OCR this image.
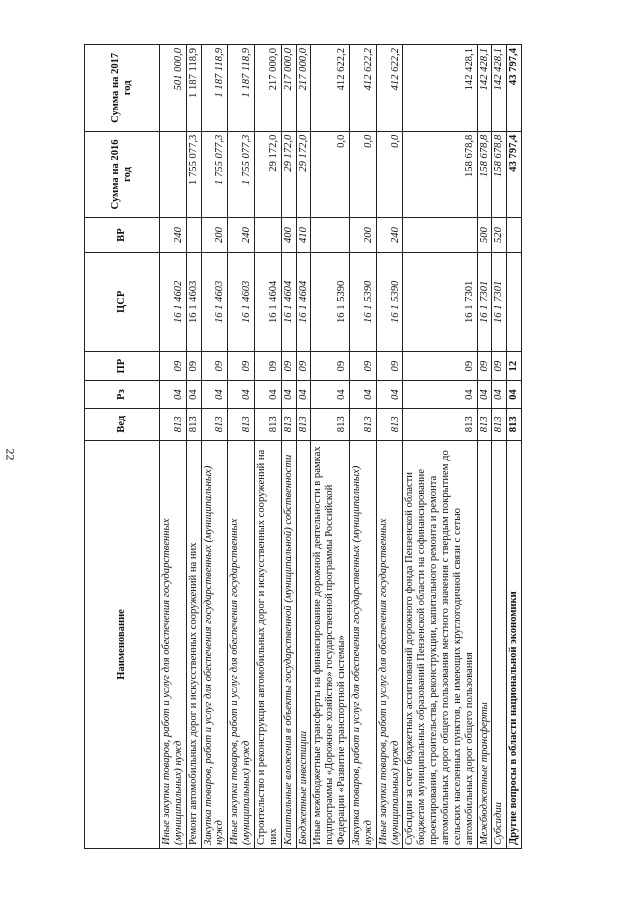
22
Наименование	Вед	Рз	ПР	ЦСР	ВР	Сумма на 2016 год	Сумма на 2017 год
Иные закупки товаров, работ и услуг для обеспечения государственных (муниципальных) нужд	813	04	09	16 1 4602	240		501 000,0
Ремонт автомобильных дорог и искусственных сооружений на них	813	04	09	16 1 4603		1 755 077,3	1 187 118,9
Закупка товаров, работ и услуг для обеспечения государственных (муниципальных) нужд	813	04	09	16 1 4603	200	1 755 077,3	1 187 118,9
Иные закупки товаров, работ и услуг для обеспечения государственных (муниципальных) нужд	813	04	09	16 1 4603	240	1 755 077,3	1 187 118,9
Строительство и реконструкция автомобильных дорог и искусственных сооружений на них	813	04	09	16 1 4604		29 172,0	217 000,0
Капитальные вложения в объекты государственной (муниципальной) собственности	813	04	09	16 1 4604	400	29 172,0	217 000,0
Бюджетные инвестиции	813	04	09	16 1 4604	410	29 172,0	217 000,0
Иные межбюджетные трансферты на финансирование дорожной деятельности в рамках подпрограммы «Дорожное хозяйство» государственной программы Российской Федерации «Развитие транспортной системы»	813	04	09	16 1 5390		0,0	412 622,2
Закупка товаров, работ и услуг для обеспечения государственных (муниципальных) нужд	813	04	09	16 1 5390	200	0,0	412 622,2
Иные закупки товаров, работ и услуг для обеспечения государственных (муниципальных) нужд	813	04	09	16 1 5390	240	0,0	412 622,2
Субсидии за счет бюджетных ассигнований дорожного фонда Пензенской области бюджетам муниципальных образований Пензенской области на софинансирование проектирования, строительства, реконструкции, капитального ремонта и ремонта автомобильных дорог общего пользования местного значения с твердым покрытием до сельских населенных пунктов, не имеющих круглогодичной связи с сетью автомобильных дорог общего пользования	813	04	09	16 1 7301		158 678,8	142 428,1
Межбюджетные трансферты	813	04	09	16 1 7301	500	158 678,8	142 428,1
Субсидии	813	04	09	16 1 7301	520	158 678,8	142 428,1
Другие вопросы в области национальной экономики	813	04	12			43 797,4	43 797,4
